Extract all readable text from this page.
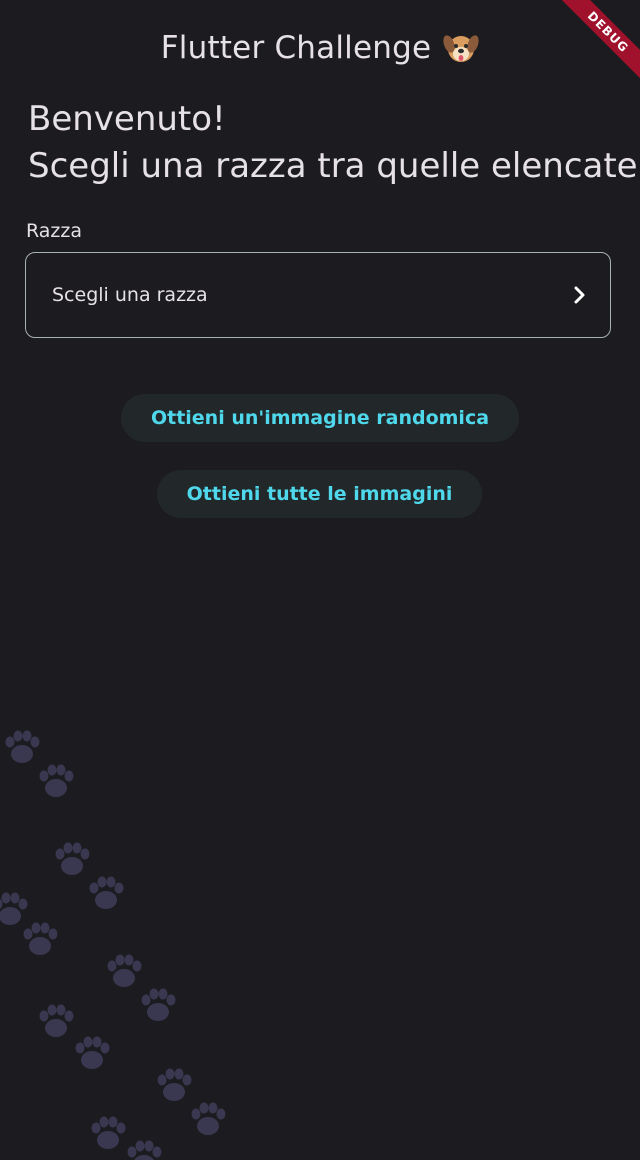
Flutter Challenge	DEBUG
Benvenuto!
Scegli una razza tra quelle elencate
Razza
Scegli una razza
Ottieni un'immagine randomica
Ottieni tutte le immagini
